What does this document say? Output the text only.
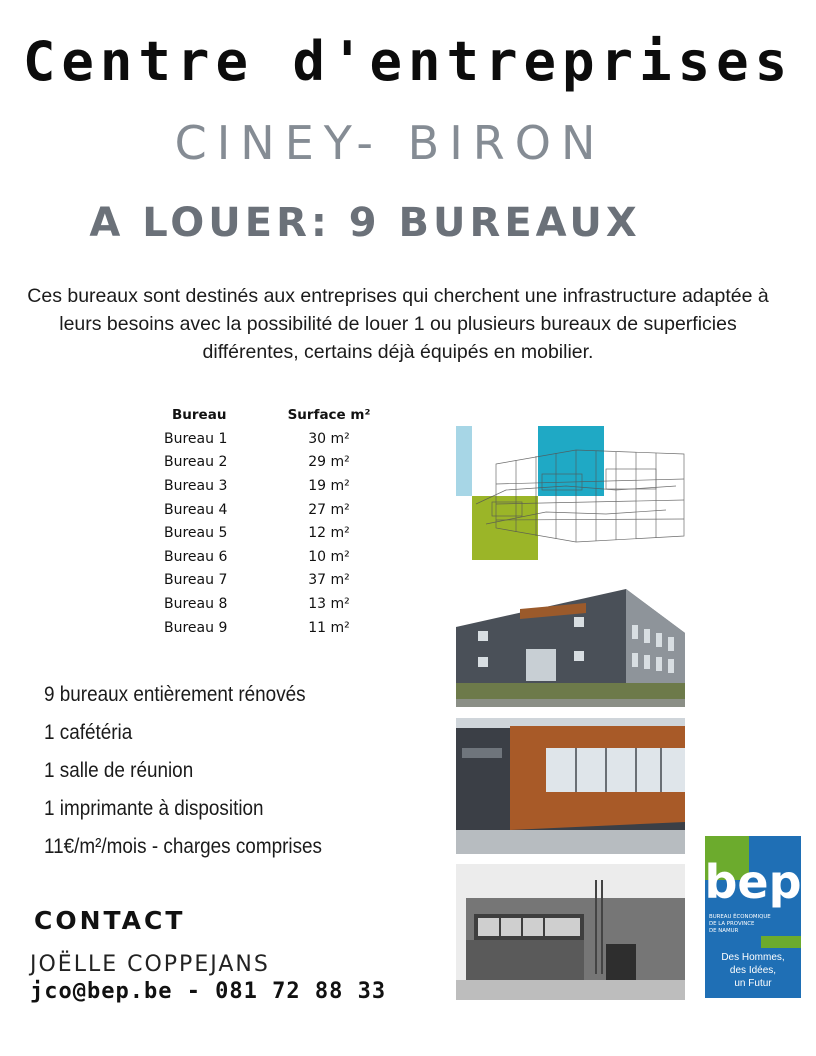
Centre d'entreprises
CINEY- BIRON
A LOUER: 9 BUREAUX
Ces bureaux sont destinés aux entreprises qui cherchent une infrastructure adaptée à leurs besoins avec la possibilité de louer 1 ou plusieurs bureaux de superficies différentes, certains déjà équipés en mobilier.
Bureau	Surface m²
Bureau 1	30 m²
Bureau 2	29 m²
Bureau 3	19 m²
Bureau 4	27 m²
Bureau 5	12 m²
Bureau 6	10 m²
Bureau 7	37 m²
Bureau 8	13 m²
Bureau 9	11 m²
9 bureaux entièrement rénovés
1 cafétéria
1 salle de réunion
1 imprimante à disposition
11€/m²/mois - charges comprises
CONTACT
JOËLLE COPPEJANS
jco@bep.be - 081 72 88 33
bep
BUREAU ÉCONOMIQUE
DE LA PROVINCE
DE NAMUR
Des Hommes,
des Idées,
un Futur
